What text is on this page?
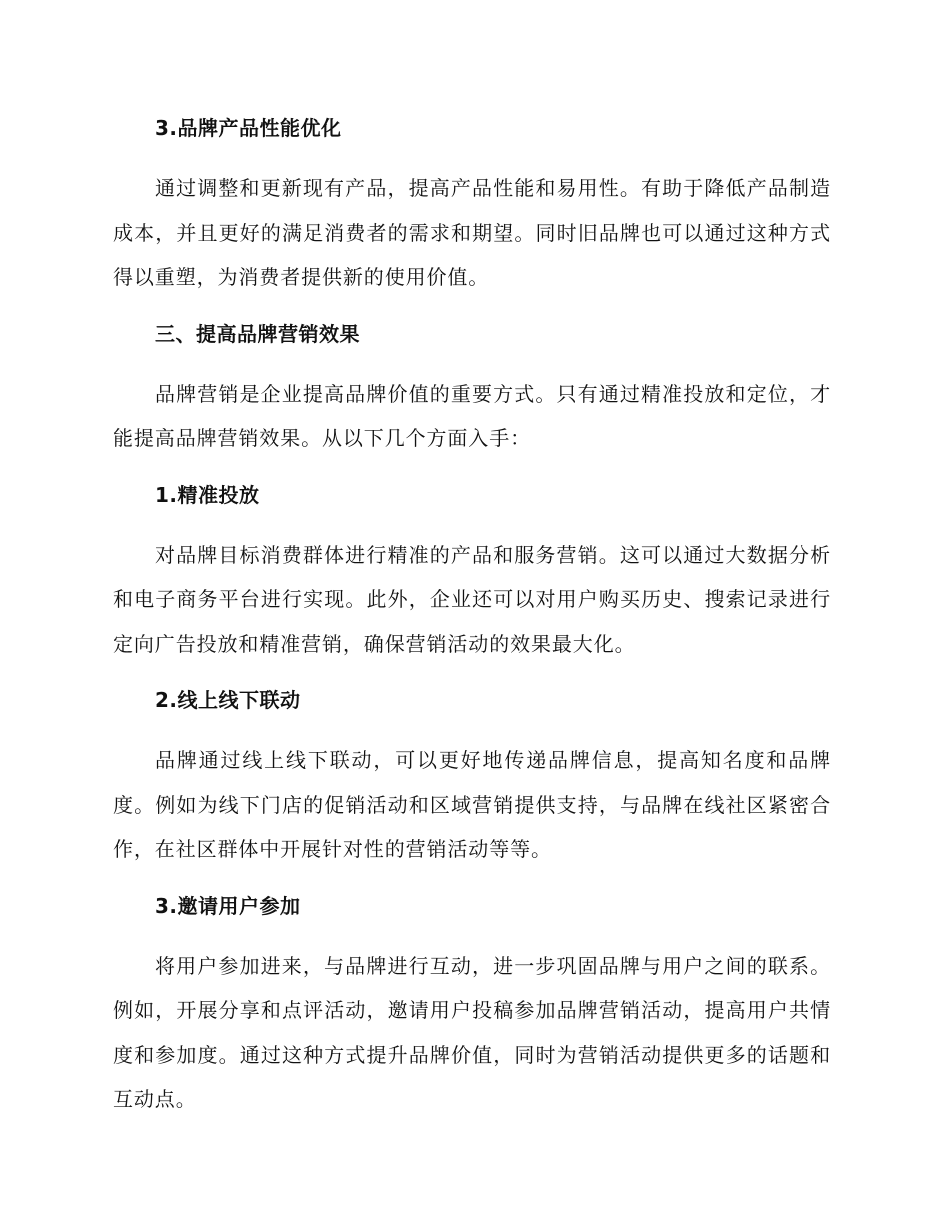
3.品牌产品性能优化

通过调整和更新现有产品，提高产品性能和易用性。有助于降低产品制造成本，并且更好的满足消费者的需求和期望。同时旧品牌也可以通过这种方式得以重塑，为消费者提供新的使用价值。

三、提高品牌营销效果

品牌营销是企业提高品牌价值的重要方式。只有通过精准投放和定位，才能提高品牌营销效果。从以下几个方面入手：

1.精准投放

对品牌目标消费群体进行精准的产品和服务营销。这可以通过大数据分析和电子商务平台进行实现。此外，企业还可以对用户购买历史、搜索记录进行定向广告投放和精准营销，确保营销活动的效果最大化。

2.线上线下联动

品牌通过线上线下联动，可以更好地传递品牌信息，提高知名度和品牌度。例如为线下门店的促销活动和区域营销提供支持，与品牌在线社区紧密合作，在社区群体中开展针对性的营销活动等等。

3.邀请用户参加

将用户参加进来，与品牌进行互动，进一步巩固品牌与用户之间的联系。例如，开展分享和点评活动，邀请用户投稿参加品牌营销活动，提高用户共情度和参加度。通过这种方式提升品牌价值，同时为营销活动提供更多的话题和互动点。
